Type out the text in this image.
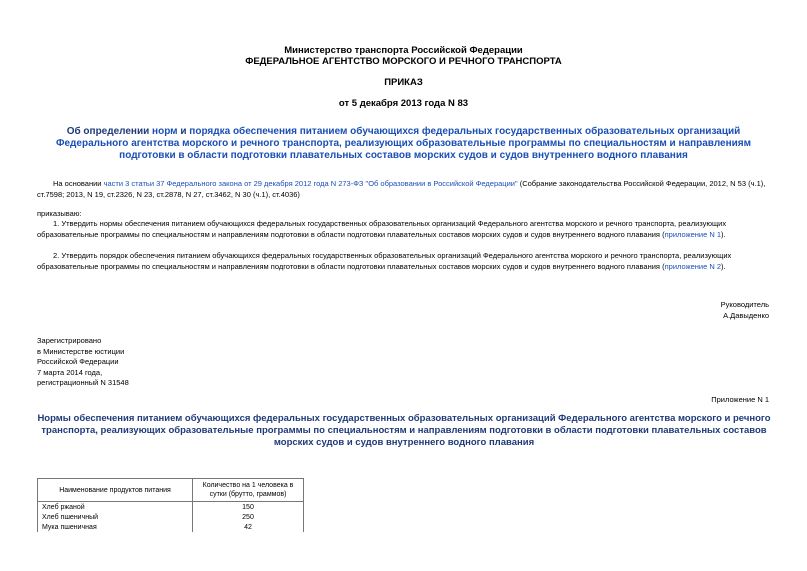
Министерство транспорта Российской Федерации
ФЕДЕРАЛЬНОЕ АГЕНТСТВО МОРСКОГО И РЕЧНОГО ТРАНСПОРТА
ПРИКАЗ
от 5 декабря 2013 года N 83
Об определении норм и порядка обеспечения питанием обучающихся федеральных государственных образовательных организаций Федерального агентства морского и речного транспорта, реализующих образовательные программы по специальностям и направлениям подготовки в области подготовки плавательных составов морских судов и судов внутреннего водного плавания
На основании части 3 статьи 37 Федерального закона от 29 декабря 2012 года N 273-ФЗ "Об образовании в Российской Федерации" (Собрание законодательства Российской Федерации, 2012, N 53 (ч.1), ст.7598; 2013, N 19, ст.2326, N 23, ст.2878, N 27, ст.3462, N 30 (ч.1), ст.4036)
приказываю:
1. Утвердить нормы обеспечения питанием обучающихся федеральных государственных образовательных организаций Федерального агентства морского и речного транспорта, реализующих образовательные программы по специальностям и направлениям подготовки в области подготовки плавательных составов морских судов и судов внутреннего водного плавания (приложение N 1).
2. Утвердить порядок обеспечения питанием обучающихся федеральных государственных образовательных организаций Федерального агентства морского и речного транспорта, реализующих образовательные программы по специальностям и направлениям подготовки в области подготовки плавательных составов морских судов и судов внутреннего водного плавания (приложение N 2).
Руководитель
А.Давыденко
Зарегистрировано
в Министерстве юстиции
Российской Федерации
7 марта 2014 года,
регистрационный N 31548
Приложение N 1
Нормы обеспечения питанием обучающихся федеральных государственных образовательных организаций Федерального агентства морского и речного транспорта, реализующих образовательные программы по специальностям и направлениям подготовки в области подготовки плавательных составов морских судов и судов внутреннего водного плавания
Наименование продуктов питания	Количество на 1 человека в сутки (брутто, граммов)
Хлеб ржаной	150
Хлеб пшеничный	250
Мука пшеничная	42
